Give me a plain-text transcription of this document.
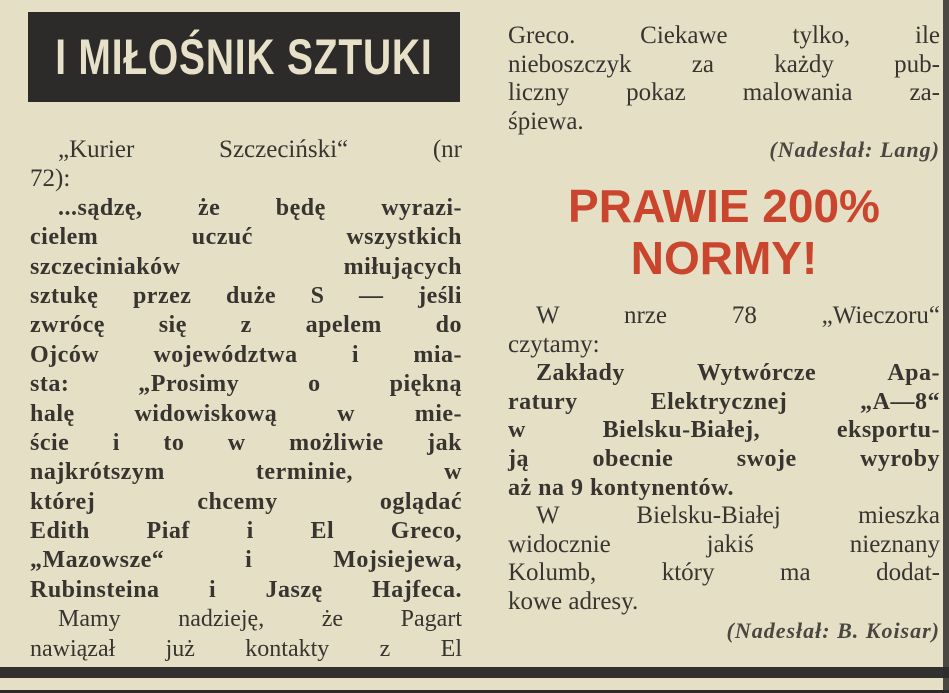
I MIŁOŚNIK SZTUKI
„Kurier Szczeciński“ (nr
72):
...sądzę, że będę wyrazi-
cielem uczuć wszystkich
szczeciniaków miłujących
sztukę przez duże S — jeśli
zwrócę się z apelem do
Ojców województwa i mia-
sta: „Prosimy o piękną
halę widowiskową w mie-
ście i to w możliwie jak
najkrótszym terminie, w
której chcemy oglądać
Edith Piaf i El Greco,
„Mazowsze“ i Mojsiejewa,
Rubinsteina i Jaszę Hajfeca.
Mamy nadzieję, że Pagart
nawiązał już kontakty z El
Greco. Ciekawe tylko, ile
nieboszczyk za każdy pub-
liczny pokaz malowania za-
śpiewa.
(Nadesłał: Lang)
PRAWIE 200%
NORMY!
W nrze 78 „Wieczoru“
czytamy:
Zakłady Wytwórcze Apa-
ratury Elektrycznej „A—8“
w Bielsku-Białej, eksportu-
ją obecnie swoje wyroby
aż na 9 kontynentów.
W Bielsku-Białej mieszka
widocznie jakiś nieznany
Kolumb, który ma dodat-
kowe adresy.
(Nadesłał: B. Koisar)
